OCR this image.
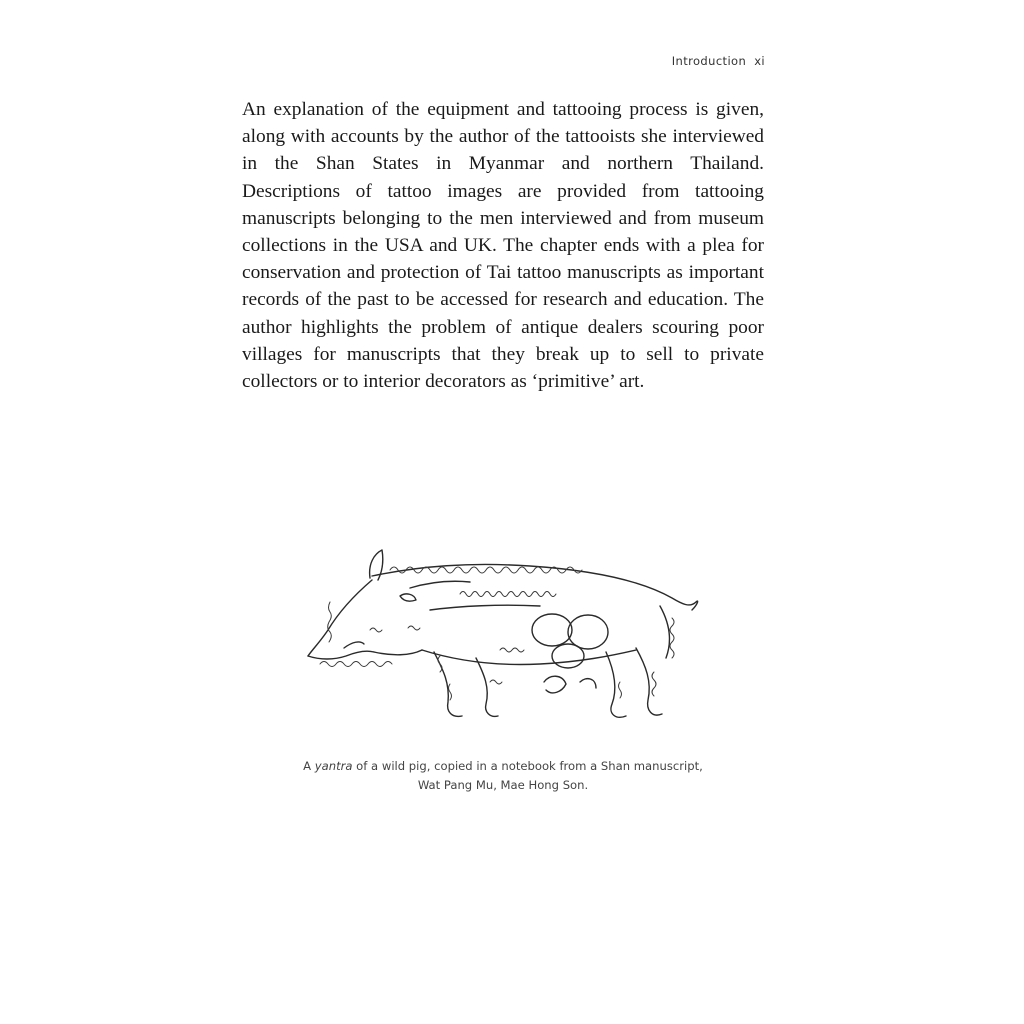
Introduction xi

An explanation of the equipment and tattooing process is given, along with accounts by the author of the tattooists she interviewed in the Shan States in Myanmar and northern Thailand. Descriptions of tattoo images are provided from tattooing manuscripts belonging to the men interviewed and from museum collections in the USA and UK. The chapter ends with a plea for conservation and protection of Tai tattoo manuscripts as important records of the past to be accessed for research and education. The author highlights the problem of antique dealers scouring poor villages for manuscripts that they break up to sell to private collectors or to interior decorators as ‘primitive’ art.

A yantra of a wild pig, copied in a notebook from a Shan manuscript,
Wat Pang Mu, Mae Hong Son.
